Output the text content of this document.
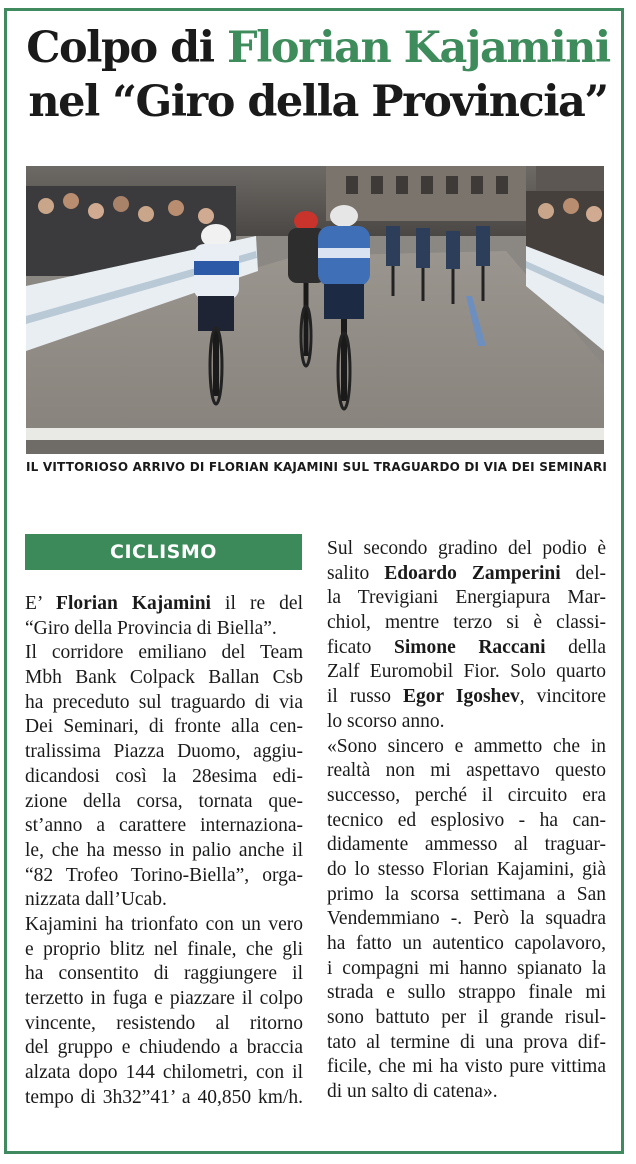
Colpo di Florian Kajamini
nel “Giro della Provincia”
IL VITTORIOSO ARRIVO DI FLORIAN KAJAMINI SUL TRAGUARDO DI VIA DEI SEMINARI
CICLISMO
E’ Florian Kajamini il re del
“Giro della Provincia di Biella”.
Il corridore emiliano del Team
Mbh Bank Colpack Ballan Csb
ha preceduto sul traguardo di via
Dei Seminari, di fronte alla cen-
tralissima Piazza Duomo, aggiu-
dicandosi così la 28esima edi-
zione della corsa, tornata que-
st’anno a carattere internaziona-
le, che ha messo in palio anche il
“82 Trofeo Torino-Biella”, orga-
nizzata dall’Ucab.
Kajamini ha trionfato con un vero
e proprio blitz nel finale, che gli
ha consentito di raggiungere il
terzetto in fuga e piazzare il colpo
vincente, resistendo al ritorno
del gruppo e chiudendo a braccia
alzata dopo 144 chilometri, con il
tempo di 3h32”41’ a 40,850 km/h.
Sul secondo gradino del podio è
salito Edoardo Zamperini del-
la Trevigiani Energiapura Mar-
chiol, mentre terzo si è classi-
ficato Simone Raccani della
Zalf Euromobil Fior. Solo quarto
il russo Egor Igoshev, vincitore
lo scorso anno.
«Sono sincero e ammetto che in
realtà non mi aspettavo questo
successo, perché il circuito era
tecnico ed esplosivo - ha can-
didamente ammesso al traguar-
do lo stesso Florian Kajamini, già
primo la scorsa settimana a San
Vendemmiano -. Però la squadra
ha fatto un autentico capolavoro,
i compagni mi hanno spianato la
strada e sullo strappo finale mi
sono battuto per il grande risul-
tato al termine di una prova dif-
ficile, che mi ha visto pure vittima
di un salto di catena».
